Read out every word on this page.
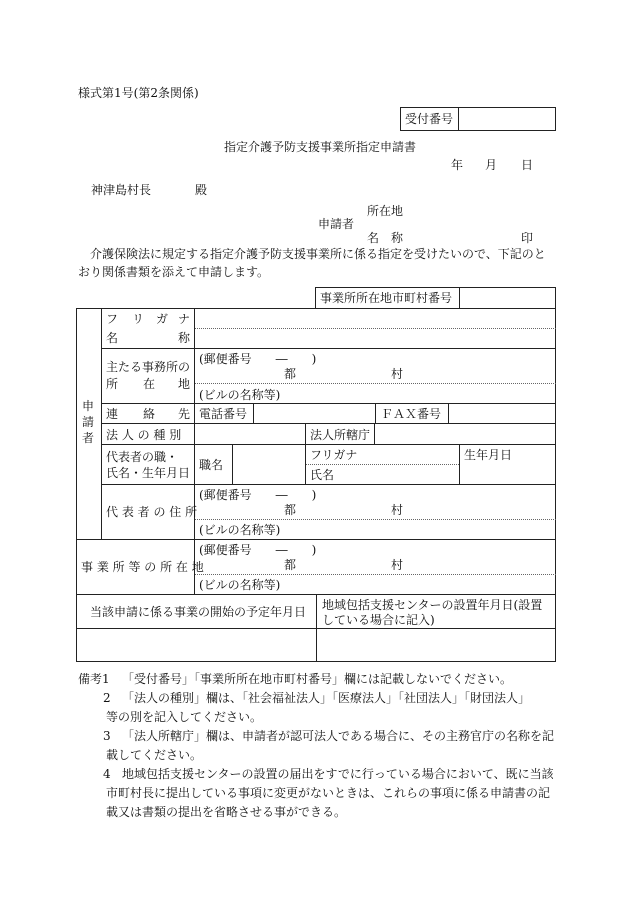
様式第1号(第2条関係)
受付番号
指定介護予防支援事業所指定申請書
年 月 日
神津島村長	殿
所在地
申請者
名　称	印
介護保険法に規定する指定介護予防支援事業所に係る指定を受けたいので、下記のとおり関係書類を添えて申請します。
事業所所在地市町村番号
申
請
者
フ リ ガ ナ
名	称
主たる事務所の
所 在 地
(郵便番号　　―　　)
都	村
(ビルの名称等)
連 絡 先 電話番号	ＦＡＸ番号
法 人 の 種 別	法人所轄庁
代表者の職・
氏名・生年月日
職名
フリガナ
氏名
生年月日
代 表 者 の 住 所
(郵便番号　　―　　)
都	村
(ビルの名称等)
事 業 所 等 の 所 在 地
(郵便番号　　―　　)
都	村
(ビルの名称等)
当該申請に係る事業の開始の予定年月日 地域包括支援センターの設置年月日(設置
している場合に記入)
備考1 「受付番号」「事業所所在地市町村番号」欄には記載しないでください。
2 「法人の種別」欄は、「社会福祉法人」「医療法人」「社団法人」「財団法人」
等の別を記入してください。
3 「法人所轄庁」欄は、申請者が認可法人である場合に、その主務官庁の名称を記
載してください。
4 地域包括支援センターの設置の届出をすでに行っている場合において、既に当該
市町村長に提出している事項に変更がないときは、これらの事項に係る申請書の記
載又は書類の提出を省略させる事ができる。
